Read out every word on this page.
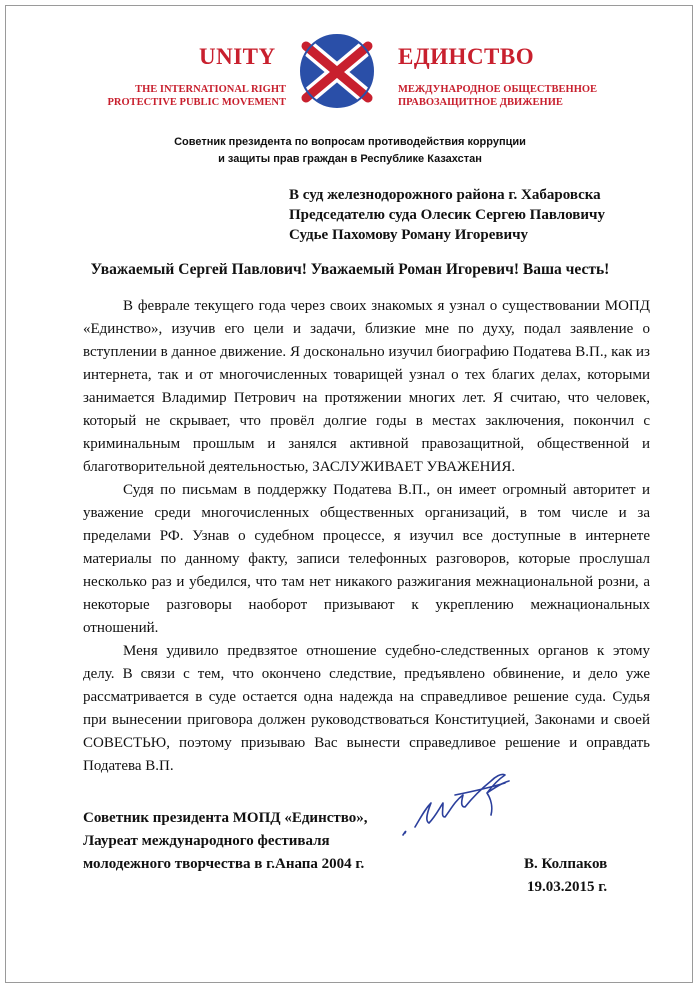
UNITY	ЕДИНСТВО
THE INTERNATIONAL RIGHT
PROTECTIVE PUBLIC MOVEMENT
МЕЖДУНАРОДНОЕ ОБЩЕСТВЕННОЕ
ПРАВОЗАЩИТНОЕ ДВИЖЕНИЕ
Советник президента по вопросам противодействия коррупции
и защиты прав граждан в Республике Казахстан
В суд железнодорожного района г. Хабаровска
Председателю суда Олесик Сергею Павловичу
Судье Пахомову Роману Игоревичу
Уважаемый Сергей Павлович! Уважаемый Роман Игоревич! Ваша честь!

В феврале текущего года через своих знакомых я узнал о существовании МОПД «Единство», изучив его цели и задачи, близкие мне по духу, подал заявление о вступлении в данное движение. Я досконально изучил биографию Податева В.П., как из интернета, так и от многочисленных товарищей узнал о тех благих делах, которыми занимается Владимир Петрович на протяжении многих лет. Я считаю, что человек, который не скрывает, что провёл долгие годы в местах заключения, покончил с криминальным прошлым и занялся активной правозащитной, общественной и благотворительной деятельностью, ЗАСЛУЖИВАЕТ УВАЖЕНИЯ.

Судя по письмам в поддержку Податева В.П., он имеет огромный авторитет и уважение среди многочисленных общественных организаций, в том числе и за пределами РФ. Узнав о судебном процессе, я изучил все доступные в интернете материалы по данному факту, записи телефонных разговоров, которые прослушал несколько раз и убедился, что там нет никакого разжигания межнациональной розни, а некоторые разговоры наоборот призывают к укреплению межнациональных отношений.

Меня удивило предвзятое отношение судебно-следственных органов к этому делу. В связи с тем, что окончено следствие, предъявлено обвинение, и дело уже рассматривается в суде остается одна надежда на справедливое решение суда. Судья при вынесении приговора должен руководствоваться Конституцией, Законами и своей СОВЕСТЬЮ, поэтому призываю Вас вынести справедливое решение и оправдать Податева В.П.

Советник президента МОПД «Единство»,
Лауреат международного фестиваля
молодежного творчества в г.Анапа 2004 г.	В. Колпаков
19.03.2015 г.
